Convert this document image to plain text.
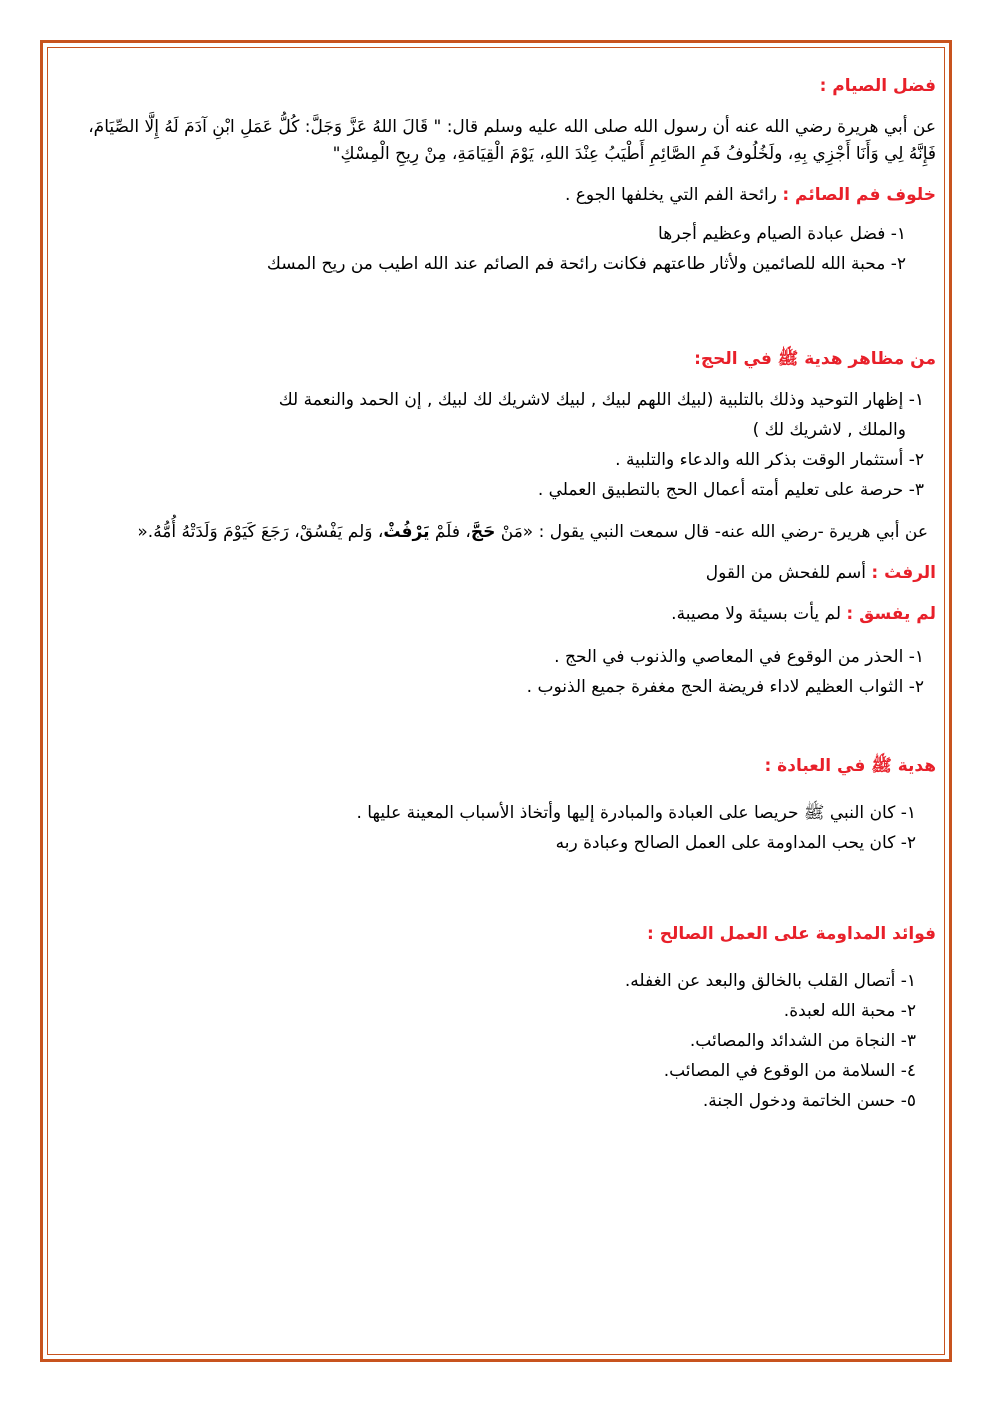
فضل الصيام :

عن أبي هريرة رضي الله عنه أن رسول الله صلى الله عليه وسلم قال: " قَالَ اللهُ عَزَّ وَجَلَّ: كُلُّ عَمَلِ ابْنِ آدَمَ لَهُ إِلَّا الصِّيَامَ، فَإِنَّهُ لِي وَأَنَا أَجْزِي بِهِ، ولَخُلُوفُ فَمِ الصَّائِمِ أَطْيَبُ عِنْدَ اللهِ، يَوْمَ الْقِيَامَةِ، مِنْ رِيحِ الْمِسْكِ"

خلوف فم الصائم : رائحة الفم التي يخلفها الجوع .

١- فضل عبادة الصيام وعظيم أجرها

٢- محبة الله للصائمين ولأثار طاعتهم فكانت رائحة فم الصائم عند الله اطيب من ريح المسك

من مظاهر هدية ﷺ في الحج:

١- إظهار التوحيد وذلك بالتلبية (لبيك اللهم لبيك , لبيك لاشريك لك لبيك , إن الحمد والنعمة لك

والملك , لاشريك لك )

٢- أستثمار الوقت بذكر الله والدعاء والتلبية .

٣- حرصة على تعليم أمته أعمال الحج بالتطبيق العملي .

عن أبي هريرة -رضي الله عنه- قال سمعت النبي يقول : «مَنْ حَجَّ، فلَمْ يَرْفُثْ، وَلم يَفْسُقْ، رَجَعَ كَيَوْمَ وَلَدَتْهُ أُمُّهُ.«

الرفث : أسم للفحش من القول

لم يفسق : لم يأت بسيئة ولا مصيبة.

١- الحذر من الوقوع في المعاصي والذنوب في الحج .

٢- الثواب العظيم لاداء فريضة الحج مغفرة جميع الذنوب .

هدية ﷺ في العبادة :

١- كان النبي ﷺ حريصا على العبادة والمبادرة إليها وأتخاذ الأسباب المعينة عليها .

٢- كان يحب المداومة على العمل الصالح وعبادة ربه

فوائد المداومة على العمل الصالح :

١- أتصال القلب بالخالق والبعد عن الغفله.

٢- محبة الله لعبدة.

٣- النجاة من الشدائد والمصائب.

٤- السلامة من الوقوع في المصائب.

٥- حسن الخاتمة ودخول الجنة.
